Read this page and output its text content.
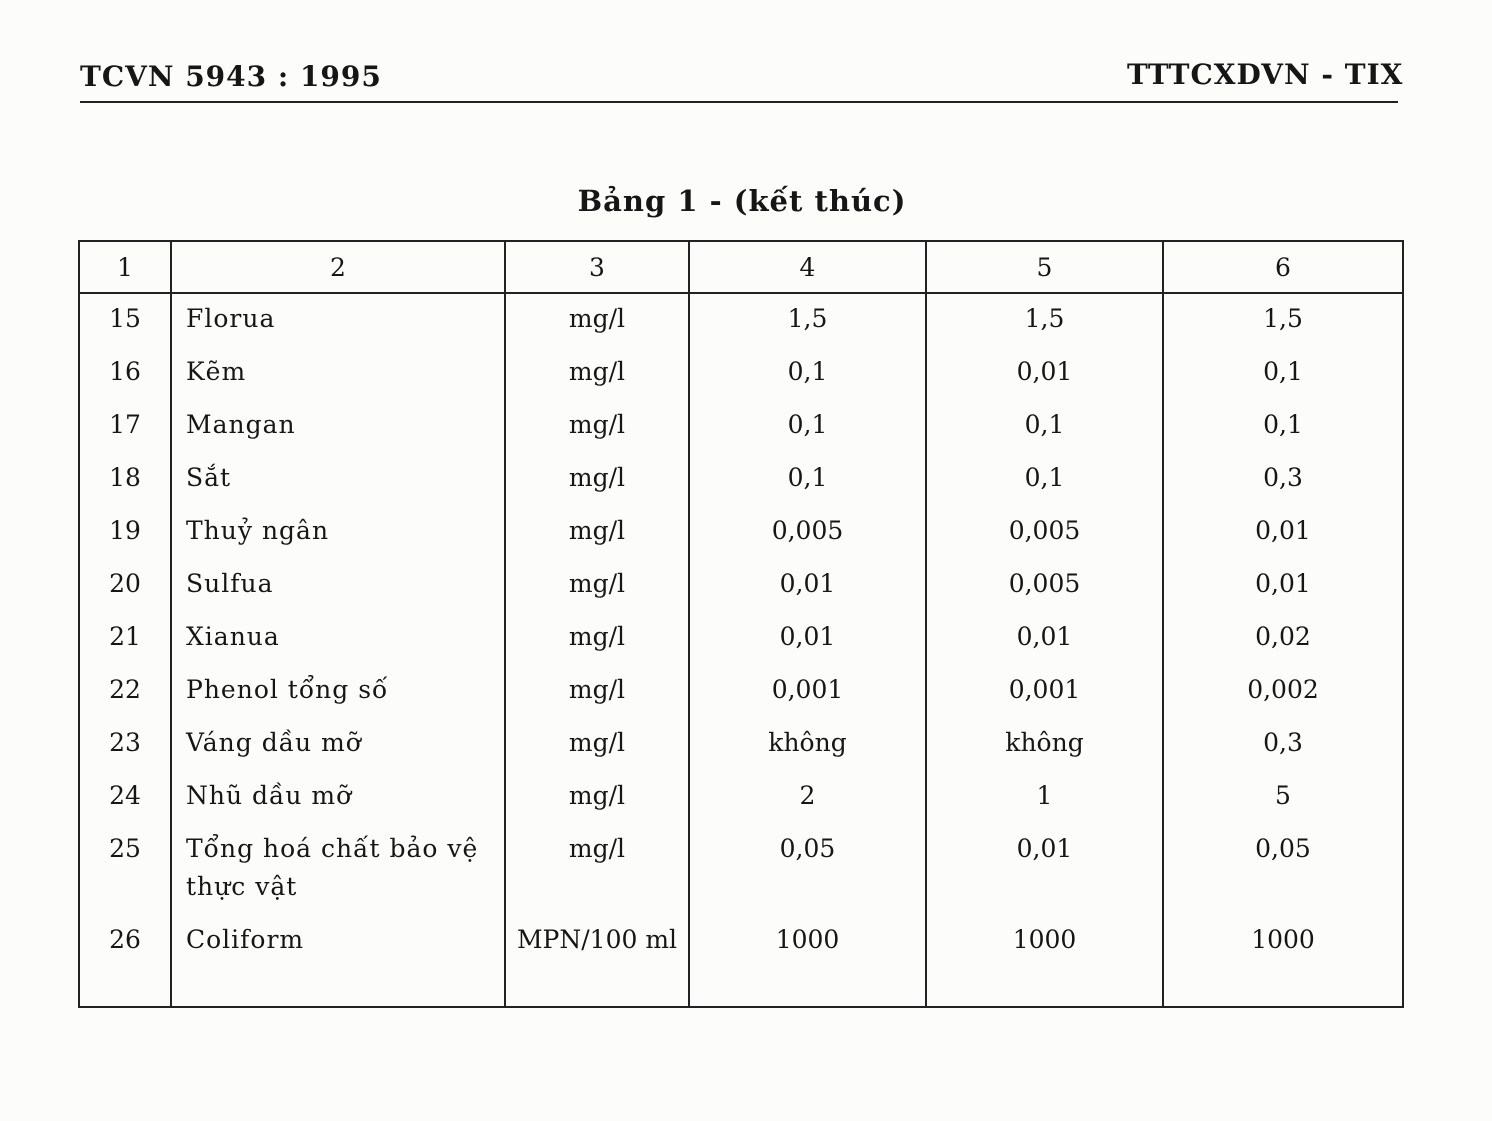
TCVN 5943 : 1995	TTTCXDVN - TIX
Bảng 1 - (kết thúc)
1	2	3	4	5	6
15	Florua	mg/l	1,5	1,5	1,5
16	Kẽm	mg/l	0,1	0,01	0,1
17	Mangan	mg/l	0,1	0,1	0,1
18	Sắt	mg/l	0,1	0,1	0,3
19	Thuỷ ngân	mg/l	0,005	0,005	0,01
20	Sulfua	mg/l	0,01	0,005	0,01
21	Xianua	mg/l	0,01	0,01	0,02
22	Phenol tổng số	mg/l	0,001	0,001	0,002
23	Váng dầu mỡ	mg/l	không	không	0,3
24	Nhũ dầu mỡ	mg/l	2	1	5
25	Tổng hoá chất bảo vệ thực vật	mg/l	0,05	0,01	0,05
26	Coliform	MPN/100 ml	1000	1000	1000
